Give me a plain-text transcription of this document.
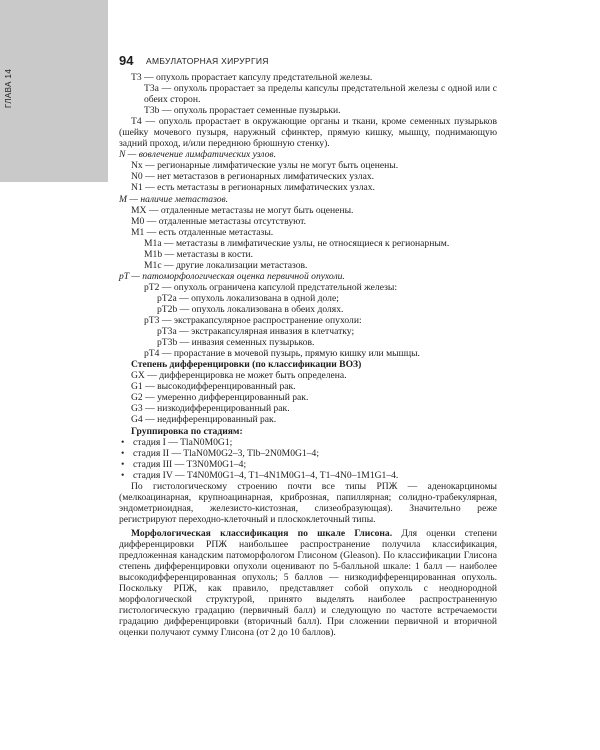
ГЛАВА 14
94 АМБУЛАТОРНАЯ ХИРУРГИЯ

T3 — опухоль прорастает капсулу предстательной железы.

T3a — опухоль прорастает за пределы капсулы предстательной железы с одной или с обеих сторон.

T3b — опухоль прорастает семенные пузырьки.

T4 — опухоль прорастает в окружающие органы и ткани, кроме семенных пузырьков (шейку мочевого пузыря, наружный сфинктер, прямую кишку, мышцу, поднимающую задний проход, и/или переднюю брюшную стенку).

N — вовлечение лимфатических узлов.

Nx — регионарные лимфатические узлы не могут быть оценены.

N0 — нет метастазов в регионарных лимфатических узлах.

N1 — есть метастазы в регионарных лимфатических узлах.

M — наличие метастазов.

MX — отдаленные метастазы не могут быть оценены.

M0 — отдаленные метастазы отсутствуют.

M1 — есть отдаленные метастазы.

M1a — метастазы в лимфатические узлы, не относящиеся к регионарным.

M1b — метастазы в кости.

M1c — другие локализации метастазов.

pT — патоморфологическая оценка первичной опухоли.

pT2 — опухоль ограничена капсулой предстательной железы:

pT2a — опухоль локализована в одной доле;

pT2b — опухоль локализована в обеих долях.

pT3 — экстракапсулярное распространение опухоли:

pT3a — экстракапсулярная инвазия в клетчатку;

pT3b — инвазия семенных пузырьков.

pT4 — прорастание в мочевой пузырь, прямую кишку или мышцы.

Степень дифференцировки (по классификации ВОЗ)

GX — дифференцировка не может быть определена.

G1 — высокодифференцированный рак.

G2 — умеренно дифференцированный рак.

G3 — низкодифференцированный рак.

G4 — недифференцированный рак.

Группировка по стадиям:

• стадия I — TlaN0M0G1;
• стадия II — TlaN0M0G2–3, Tlb–2N0M0G1–4;
• стадия III — T3N0M0G1–4;
• стадия IV — T4N0M0G1–4, T1–4N1M0G1–4, T1–4N0–1M1G1–4.

По гистологическому строению почти все типы РПЖ — аденокарциномы (мелкоацинарная, крупноацинарная, криброзная, папиллярная; солидно-трабекулярная, эндометриоидная, железисто-кистозная, слизеобразующая). Значительно реже регистрируют переходно-клеточный и плоскоклеточный типы.

Морфологическая классификация по шкале Глисона. Для оценки степени дифференцировки РПЖ наибольшее распространение получила классификация, предложенная канадским патоморфологом Глисоном (Gleason). По классификации Глисона степень дифференцировки опухоли оценивают по 5-балльной шкале: 1 балл — наиболее высокодифференцированная опухоль; 5 баллов — низкодифференцированная опухоль. Поскольку РПЖ, как правило, представляет собой опухоль с неоднородной морфологической структурой, принято выделять наиболее распространенную гистологическую градацию (первичный балл) и следующую по частоте встречаемости градацию дифференцировки (вторичный балл). При сложении первичной и вторичной оценки получают сумму Глисона (от 2 до 10 баллов).
